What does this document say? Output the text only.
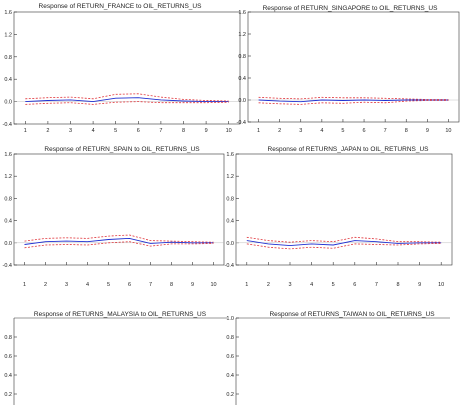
Response of RETURN_FRANCE to OIL_RETURNS_US
-0.4
0.0
0.4
0.8
1.2
1.6
1	2	3	4	5	6	7	8	9	10
Response of RETURN_SINGAPORE to OIL_RETURNS_US
-0.4
0.0
0.4
0.8
1.2
1.6
1	2	3	4	5	6	7	8	9	10
Response of RETURN_SPAIN to OIL_RETURNS_US
-0.4
0.0
0.4
0.8
1.2
1.6
1	2	3	4	5	6	7	8	9	10
Response of RETURNS_JAPAN to OIL_RETURNS_US
-0.4
0.0
0.4
0.8
1.2
1.6
1	2	3	4	5	6	7	8	9	10
Response of RETURNS_MALAYSIA to OIL_RETURNS_US
0.2
0.4
0.6
0.8
Response of RETURNS_TAIWAN to OIL_RETURNS_US
0.2
0.4
0.6
0.8
1.0
